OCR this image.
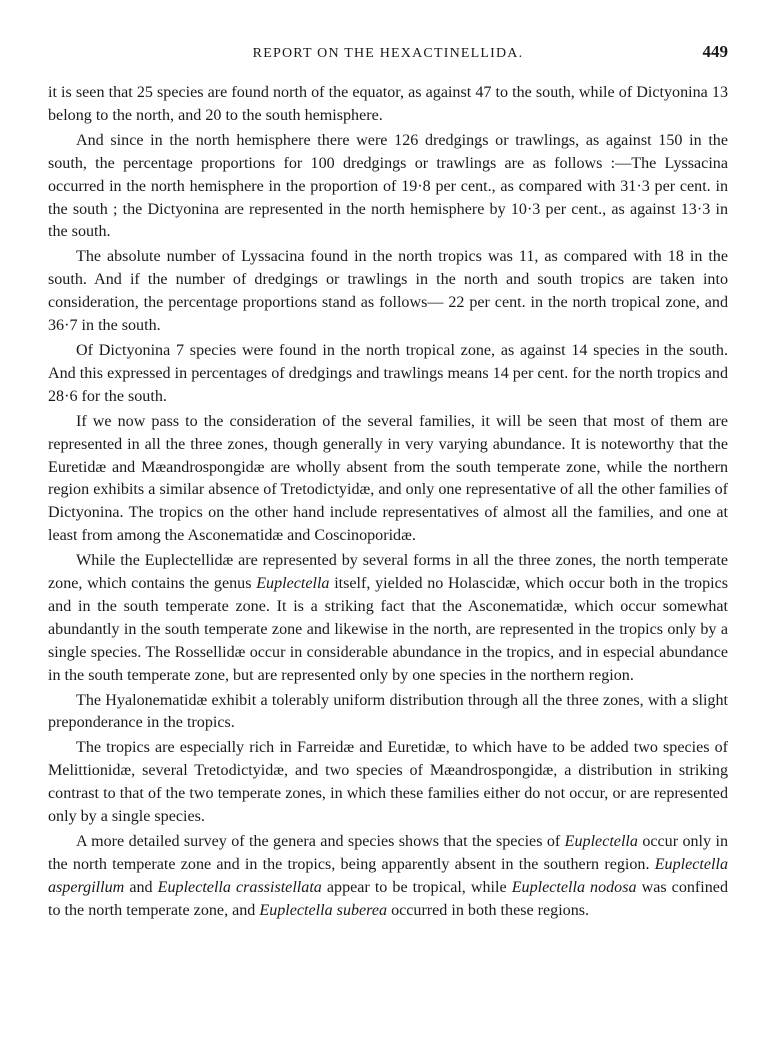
REPORT ON THE HEXACTINELLIDA.	449

it is seen that 25 species are found north of the equator, as against 47 to the south, while of Dictyonina 13 belong to the north, and 20 to the south hemisphere.

And since in the north hemisphere there were 126 dredgings or trawlings, as against 150 in the south, the percentage proportions for 100 dredgings or trawlings are as follows :—The Lyssacina occurred in the north hemisphere in the proportion of 19·8 per cent., as compared with 31·3 per cent. in the south ; the Dictyonina are represented in the north hemisphere by 10·3 per cent., as against 13·3 in the south.

The absolute number of Lyssacina found in the north tropics was 11, as compared with 18 in the south. And if the number of dredgings or trawlings in the north and south tropics are taken into consideration, the percentage proportions stand as follows— 22 per cent. in the north tropical zone, and 36·7 in the south.

Of Dictyonina 7 species were found in the north tropical zone, as against 14 species in the south. And this expressed in percentages of dredgings and trawlings means 14 per cent. for the north tropics and 28·6 for the south.

If we now pass to the consideration of the several families, it will be seen that most of them are represented in all the three zones, though generally in very varying abundance. It is noteworthy that the Euretidæ and Mæandrospongidæ are wholly absent from the south temperate zone, while the northern region exhibits a similar absence of Tretodictyidæ, and only one representative of all the other families of Dictyonina. The tropics on the other hand include representatives of almost all the families, and one at least from among the Asconematidæ and Coscinoporidæ.

While the Euplectellidæ are represented by several forms in all the three zones, the north temperate zone, which contains the genus Euplectella itself, yielded no Holascidæ, which occur both in the tropics and in the south temperate zone. It is a striking fact that the Asconematidæ, which occur somewhat abundantly in the south temperate zone and likewise in the north, are represented in the tropics only by a single species. The Rossellidæ occur in considerable abundance in the tropics, and in especial abundance in the south temperate zone, but are represented only by one species in the northern region.

The Hyalonematidæ exhibit a tolerably uniform distribution through all the three zones, with a slight preponderance in the tropics.

The tropics are especially rich in Farreidæ and Euretidæ, to which have to be added two species of Melittionidæ, several Tretodictyidæ, and two species of Mæandrospongidæ, a distribution in striking contrast to that of the two temperate zones, in which these families either do not occur, or are represented only by a single species.

A more detailed survey of the genera and species shows that the species of Euplectella occur only in the north temperate zone and in the tropics, being apparently absent in the southern region. Euplectella aspergillum and Euplectella crassistellata appear to be tropical, while Euplectella nodosa was confined to the north temperate zone, and Euplectella suberea occurred in both these regions.
